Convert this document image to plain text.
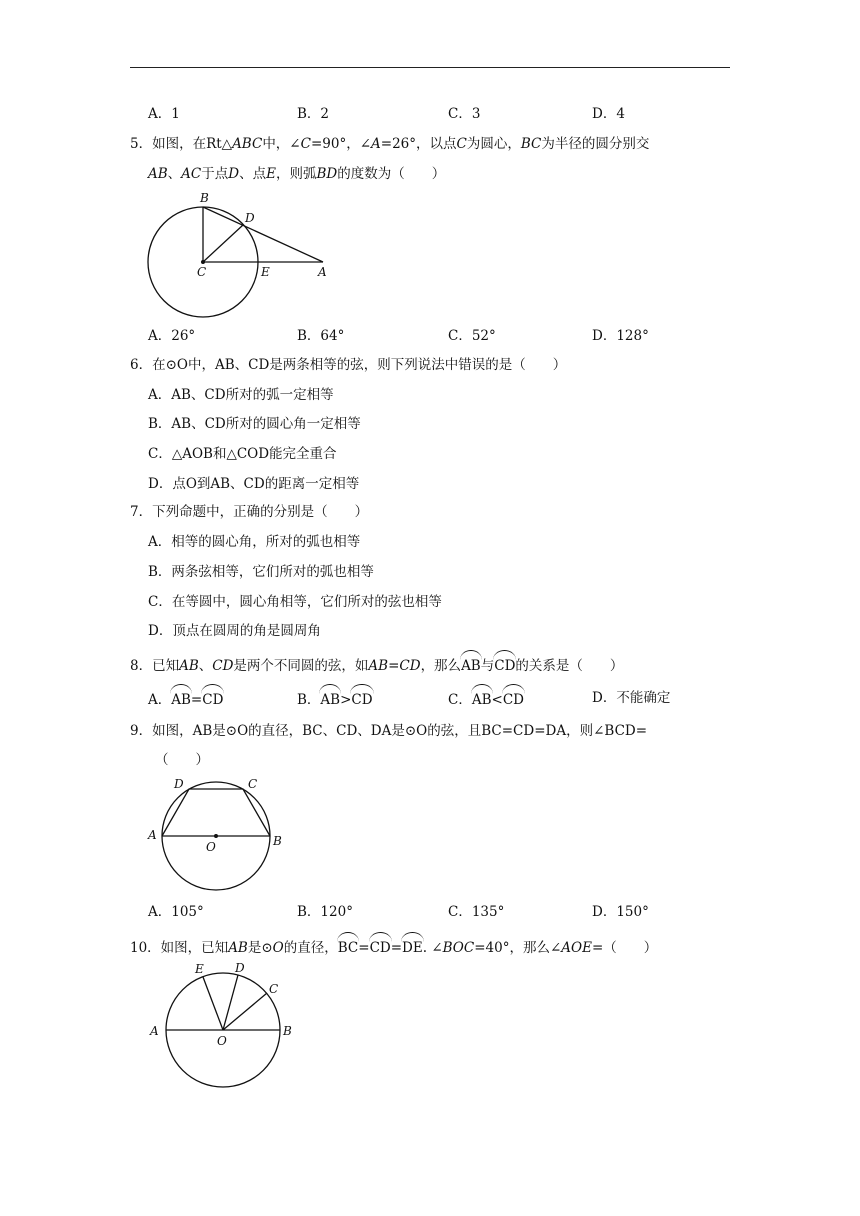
A．1	B．2	C．3	D．4
5．如图，在Rt△ABC中，∠C=90°，∠A=26°，以点C为圆心，BC为半径的圆分别交
AB、AC于点D、点E，则弧BD的度数为（　　）
B
D
C	E	A
A．26°	B．64°	C．52°	D．128°
6．在⊙O中，AB、CD是两条相等的弦，则下列说法中错误的是（　　）
A．AB、CD所对的弧一定相等
B．AB、CD所对的圆心角一定相等
C．△AOB和△COD能完全重合
D．点O到AB、CD的距离一定相等
7．下列命题中，正确的分别是（　　）
A．相等的圆心角，所对的弧也相等
B．两条弦相等，它们所对的弧也相等
C．在等圆中，圆心角相等，它们所对的弦也相等
D．顶点在圆周的角是圆周角
8．已知AB、CD是两个不同圆的弦，如AB=CD，那么AB与CD的关系是（　　）
A．AB=CD	B．AB>CD	C．AB<CD	D．不能确定
9．如图，AB是⊙O的直径，BC、CD、DA是⊙O的弦，且BC=CD=DA，则∠BCD=
（　　）
D	C
A
O	B
A．105°	B．120°	C．135°	D．150°
10．如图，已知AB是⊙O的直径，BC=CD=DE. ∠BOC=40°，那么∠AOE=（　　）
E	D
C
A
O
B
